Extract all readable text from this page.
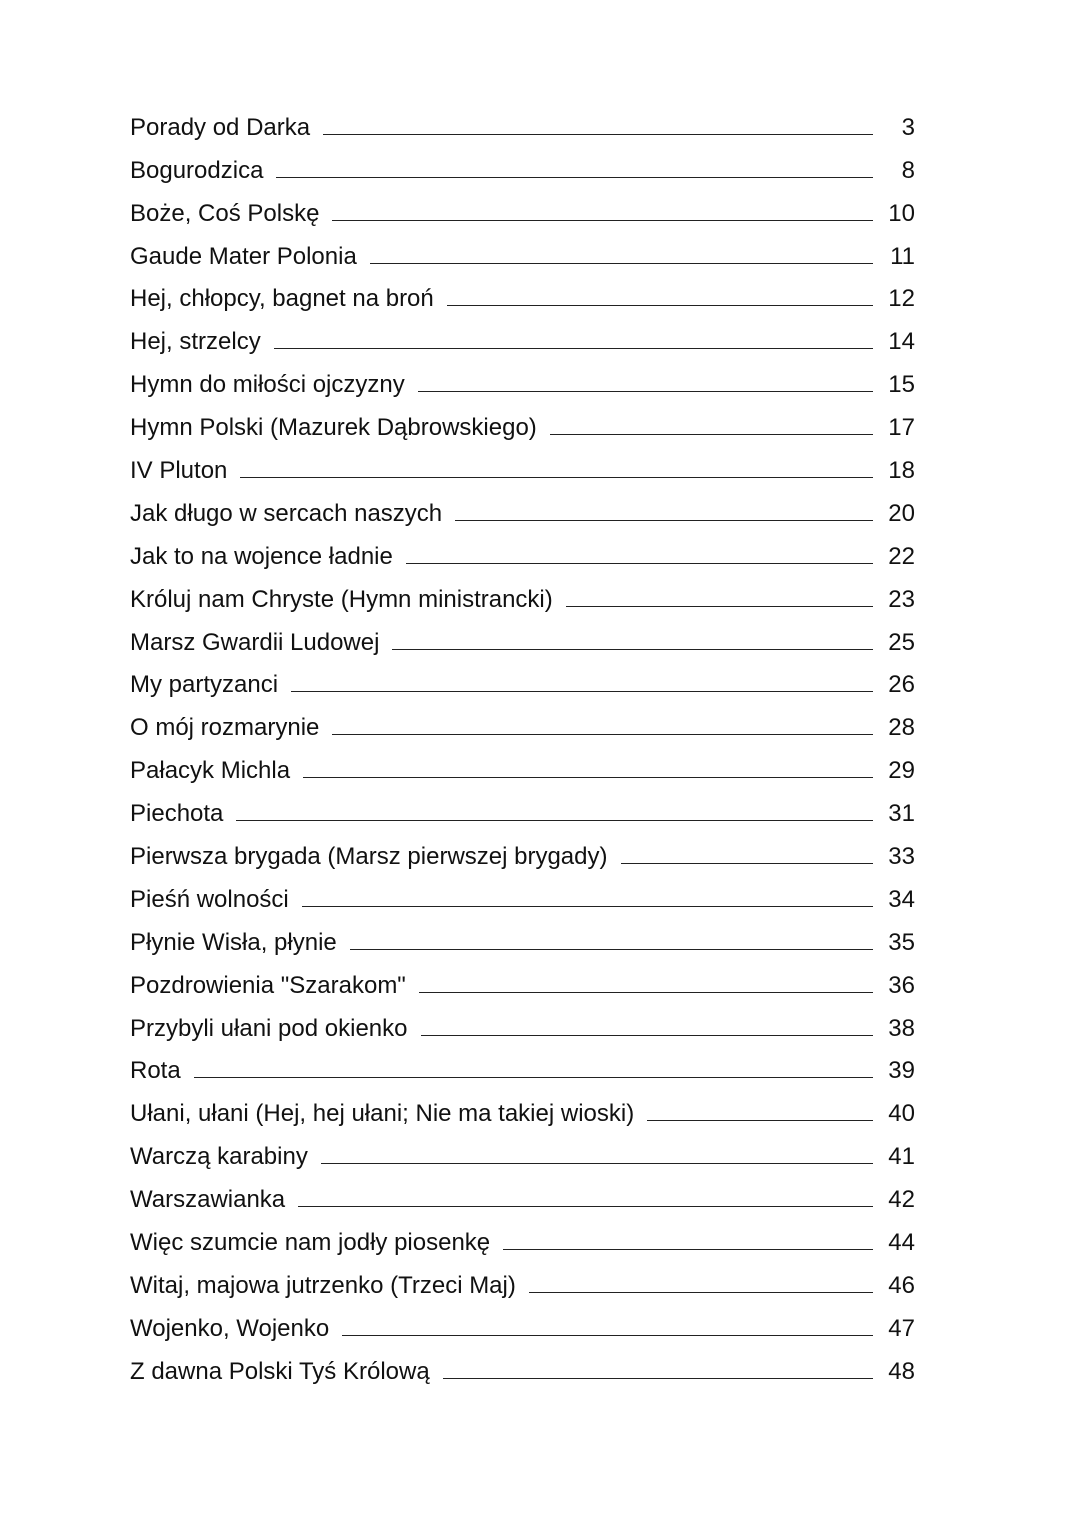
Porady od Darka	3
Bogurodzica	8
Boże, Coś Polskę	10
Gaude Mater Polonia	11
Hej, chłopcy, bagnet na broń	12
Hej, strzelcy	14
Hymn do miłości ojczyzny	15
Hymn Polski (Mazurek Dąbrowskiego)	17
IV Pluton	18
Jak długo w sercach naszych	20
Jak to na wojence ładnie	22
Króluj nam Chryste (Hymn ministrancki)	23
Marsz Gwardii Ludowej	25
My partyzanci	26
O mój rozmarynie	28
Pałacyk Michla	29
Piechota	31
Pierwsza brygada (Marsz pierwszej brygady)	33
Pieśń wolności	34
Płynie Wisła, płynie	35
Pozdrowienia "Szarakom"	36
Przybyli ułani pod okienko	38
Rota	39
Ułani, ułani (Hej, hej ułani; Nie ma takiej wioski)	40
Warczą karabiny	41
Warszawianka	42
Więc szumcie nam jodły piosenkę	44
Witaj, majowa jutrzenko (Trzeci Maj)	46
Wojenko, Wojenko	47
Z dawna Polski Tyś Królową	48
